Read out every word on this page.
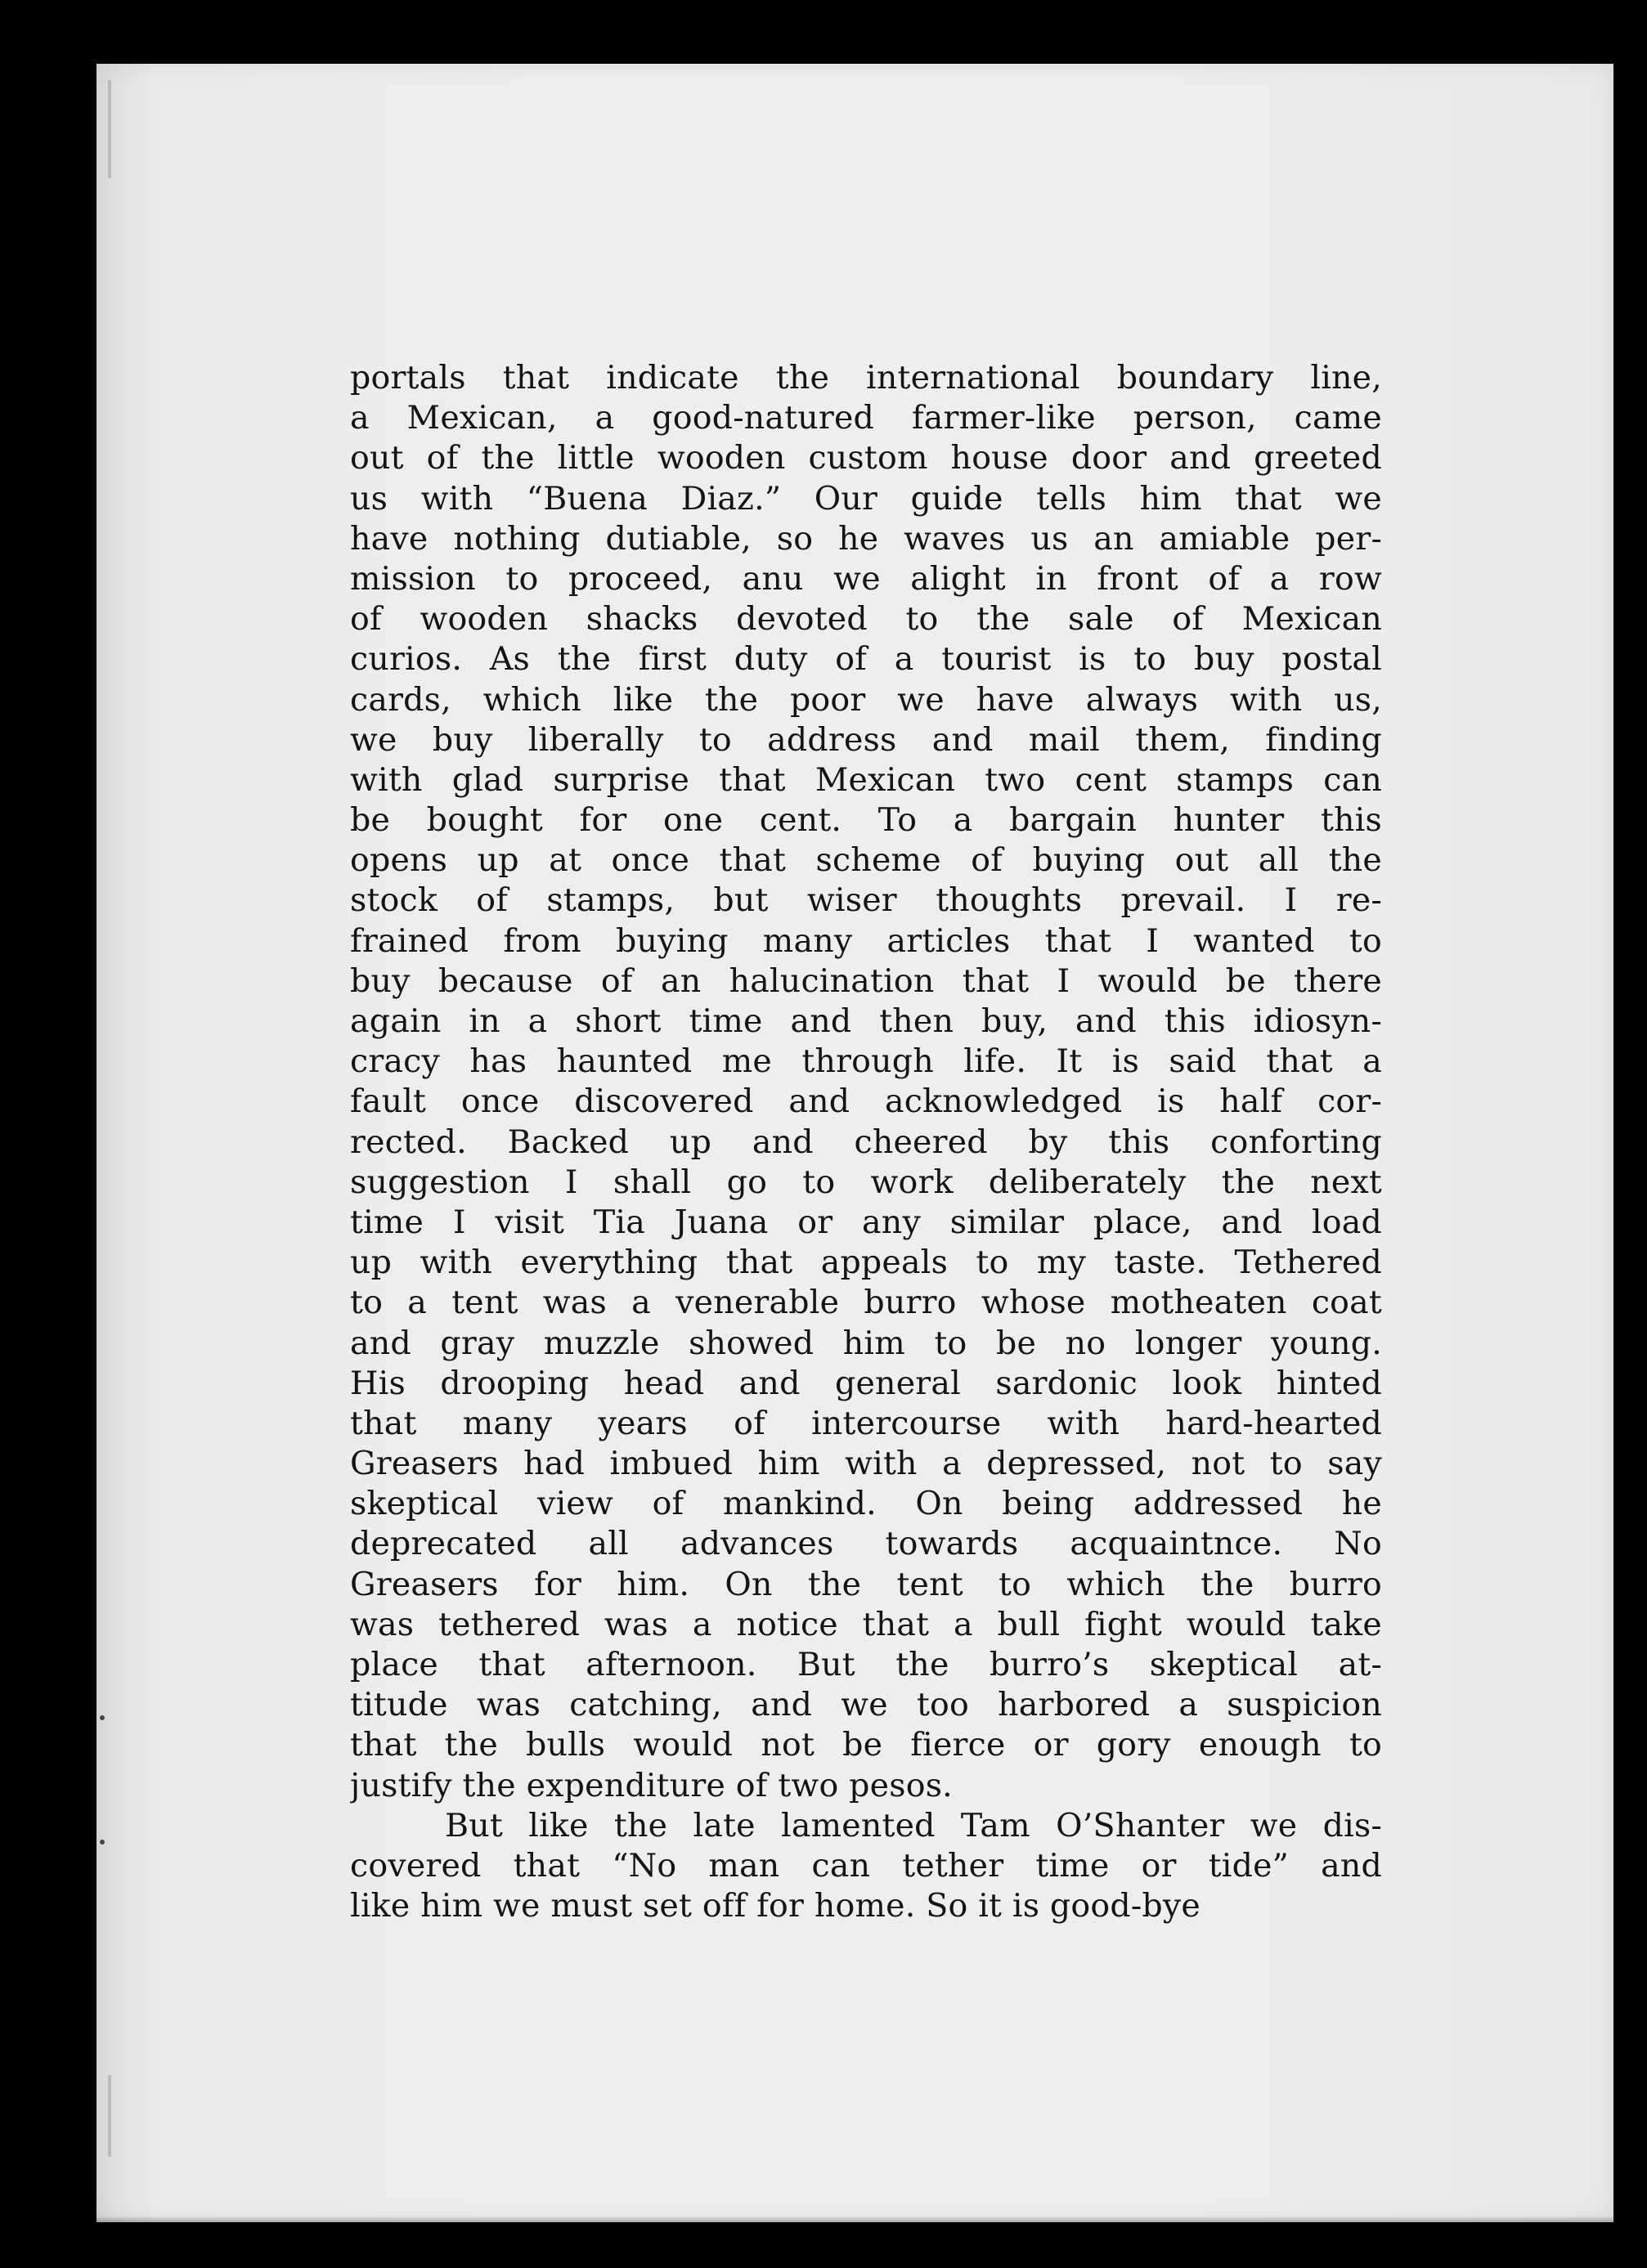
portals that indicate the international boundary line,
a Mexican, a good-natured farmer-like person, came
out of the little wooden custom house door and greeted
us with “Buena Diaz.” Our guide tells him that we
have nothing dutiable, so he waves us an amiable per-
mission to proceed, anu we alight in front of a row
of wooden shacks devoted to the sale of Mexican
curios. As the first duty of a tourist is to buy postal
cards, which like the poor we have always with us,
we buy liberally to address and mail them, finding
with glad surprise that Mexican two cent stamps can
be bought for one cent. To a bargain hunter this
opens up at once that scheme of buying out all the
stock of stamps, but wiser thoughts prevail. I re-
frained from buying many articles that I wanted to
buy because of an halucination that I would be there
again in a short time and then buy, and this idiosyn-
cracy has haunted me through life. It is said that a
fault once discovered and acknowledged is half cor-
rected. Backed up and cheered by this conforting
suggestion I shall go to work deliberately the next
time I visit Tia Juana or any similar place, and load
up with everything that appeals to my taste. Tethered
to a tent was a venerable burro whose motheaten coat
and gray muzzle showed him to be no longer young.
His drooping head and general sardonic look hinted
that many years of intercourse with hard-hearted
Greasers had imbued him with a depressed, not to say
skeptical view of mankind. On being addressed he
deprecated all advances towards acquaintnce. No
Greasers for him. On the tent to which the burro
was tethered was a notice that a bull fight would take
place that afternoon. But the burro’s skeptical at-
titude was catching, and we too harbored a suspicion
that the bulls would not be fierce or gory enough to
justify the expenditure of two pesos.
But like the late lamented Tam O’Shanter we dis-
covered that “No man can tether time or tide” and
like him we must set off for home. So it is good-bye
